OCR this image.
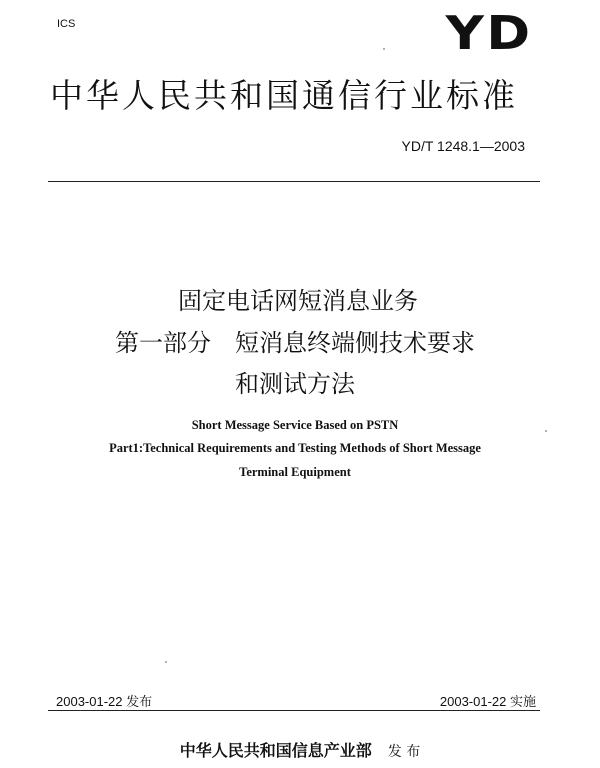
ICS	YD
中华人民共和国通信行业标准
YD/T 1248.1—2003
固定电话网短消息业务
第一部分　短消息终端侧技术要求
和测试方法
Short Message Service Based on PSTN
Part1:Technical Requirements and Testing Methods of Short Message
Terminal Equipment
2003-01-22 发布	2003-01-22 实施
中华人民共和国信息产业部 发 布
